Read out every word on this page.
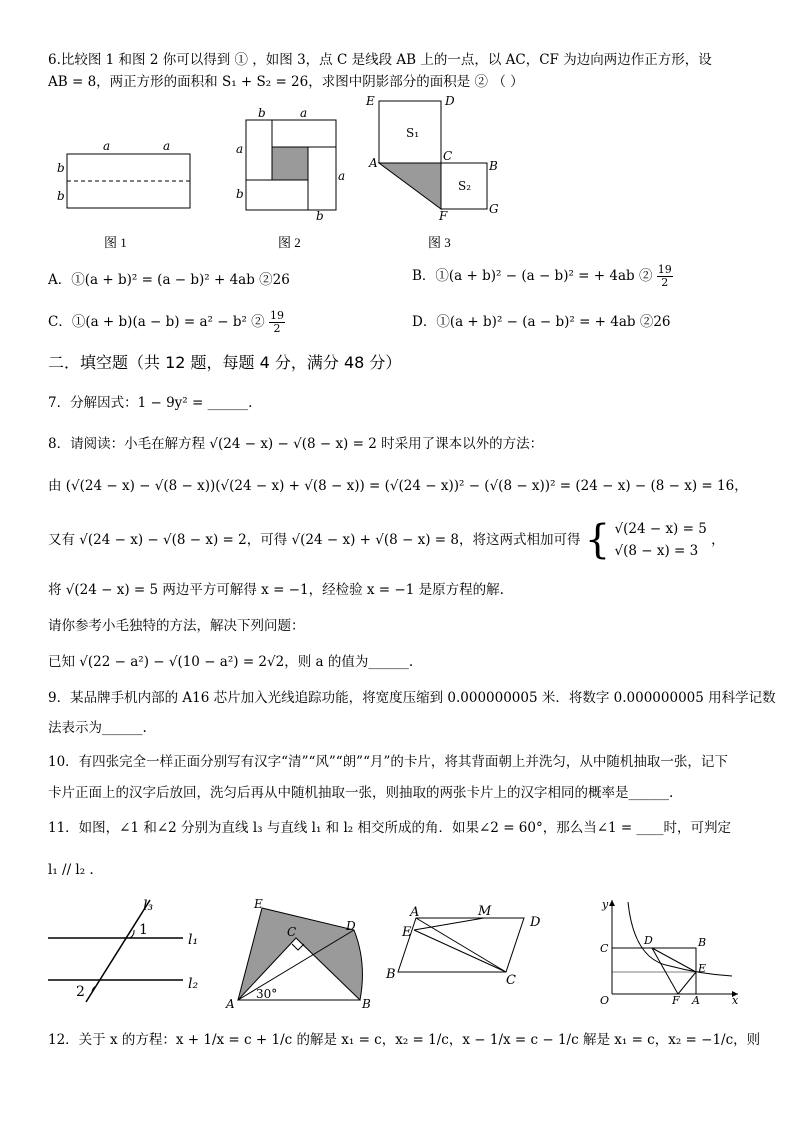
6.比较图 1 和图 2 你可以得到 ① ，如图 3，点 C 是线段 AB 上的一点，以 AC，CF 为边向两边作正方形，设
AB = 8，两正方形的面积和 S₁ + S₂ = 26，求图中阴影部分的面积是 ② （ ）
a	a
b
b
图 1
b	a
a
b
a
b
图 2
E	D
A	C
B
F	G
S₁
S₂
图 3
A．①(a + b)² = (a − b)² + 4ab ②26	B．①(a + b)² − (a − b)² = + 4ab ② $\frac{19}{2}$
C．①(a + b)(a − b) = a² − b² ② $\frac{19}{2}$	D．①(a + b)² − (a − b)² = + 4ab ②26
二．填空题（共 12 题，每题 4 分，满分 48 分）
7．分解因式：1 − 9y² = ______.
8．请阅读：小毛在解方程 √(24 − x) − √(8 − x) = 2 时采用了课本以外的方法：
由 (√(24 − x) − √(8 − x))(√(24 − x) + √(8 − x)) = (√(24 − x))² − (√(8 − x))² = (24 − x) − (8 − x) = 16，
又有 √(24 − x) − √(8 − x) = 2，可得 √(24 − x) + √(8 − x) = 8，将这两式相加可得 { √(24 − x) = 5
√(8 − x) = 3
，
将 √(24 − x) = 5 两边平方可解得 x = −1，经检验 x = −1 是原方程的解.
请你参考小毛独特的方法，解决下列问题：
已知 √(22 − a²) − √(10 − a²) = 2√2，则 a 的值为______.
9．某品牌手机内部的 A16 芯片加入光线追踪功能，将宽度压缩到 0.000000005 米．将数字 0.000000005 用科学记数
法表示为______.
10．有四张完全一样正面分别写有汉字“清”“风”“朗”“月”的卡片，将其背面朝上并洗匀，从中随机抽取一张，记下
卡片正面上的汉字后放回，洗匀后再从中随机抽取一张，则抽取的两张卡片上的汉字相同的概率是______.
11．如图，∠1 和∠2 分别为直线 l₃ 与直线 l₁ 和 l₂ 相交所成的角．如果∠2 = 60°，那么当∠1 = ____时，可判定
l₁ // l₂ .
l₃
1
l₁
2	l₂
E
C	D
A
30°
B
A	M
D
E
B	C
y
C
D	B
E
O	F A	x
12．关于 x 的方程：x + 1/x = c + 1/c 的解是 x₁ = c，x₂ = 1/c，x − 1/x = c − 1/c 解是 x₁ = c，x₂ = −1/c，则
